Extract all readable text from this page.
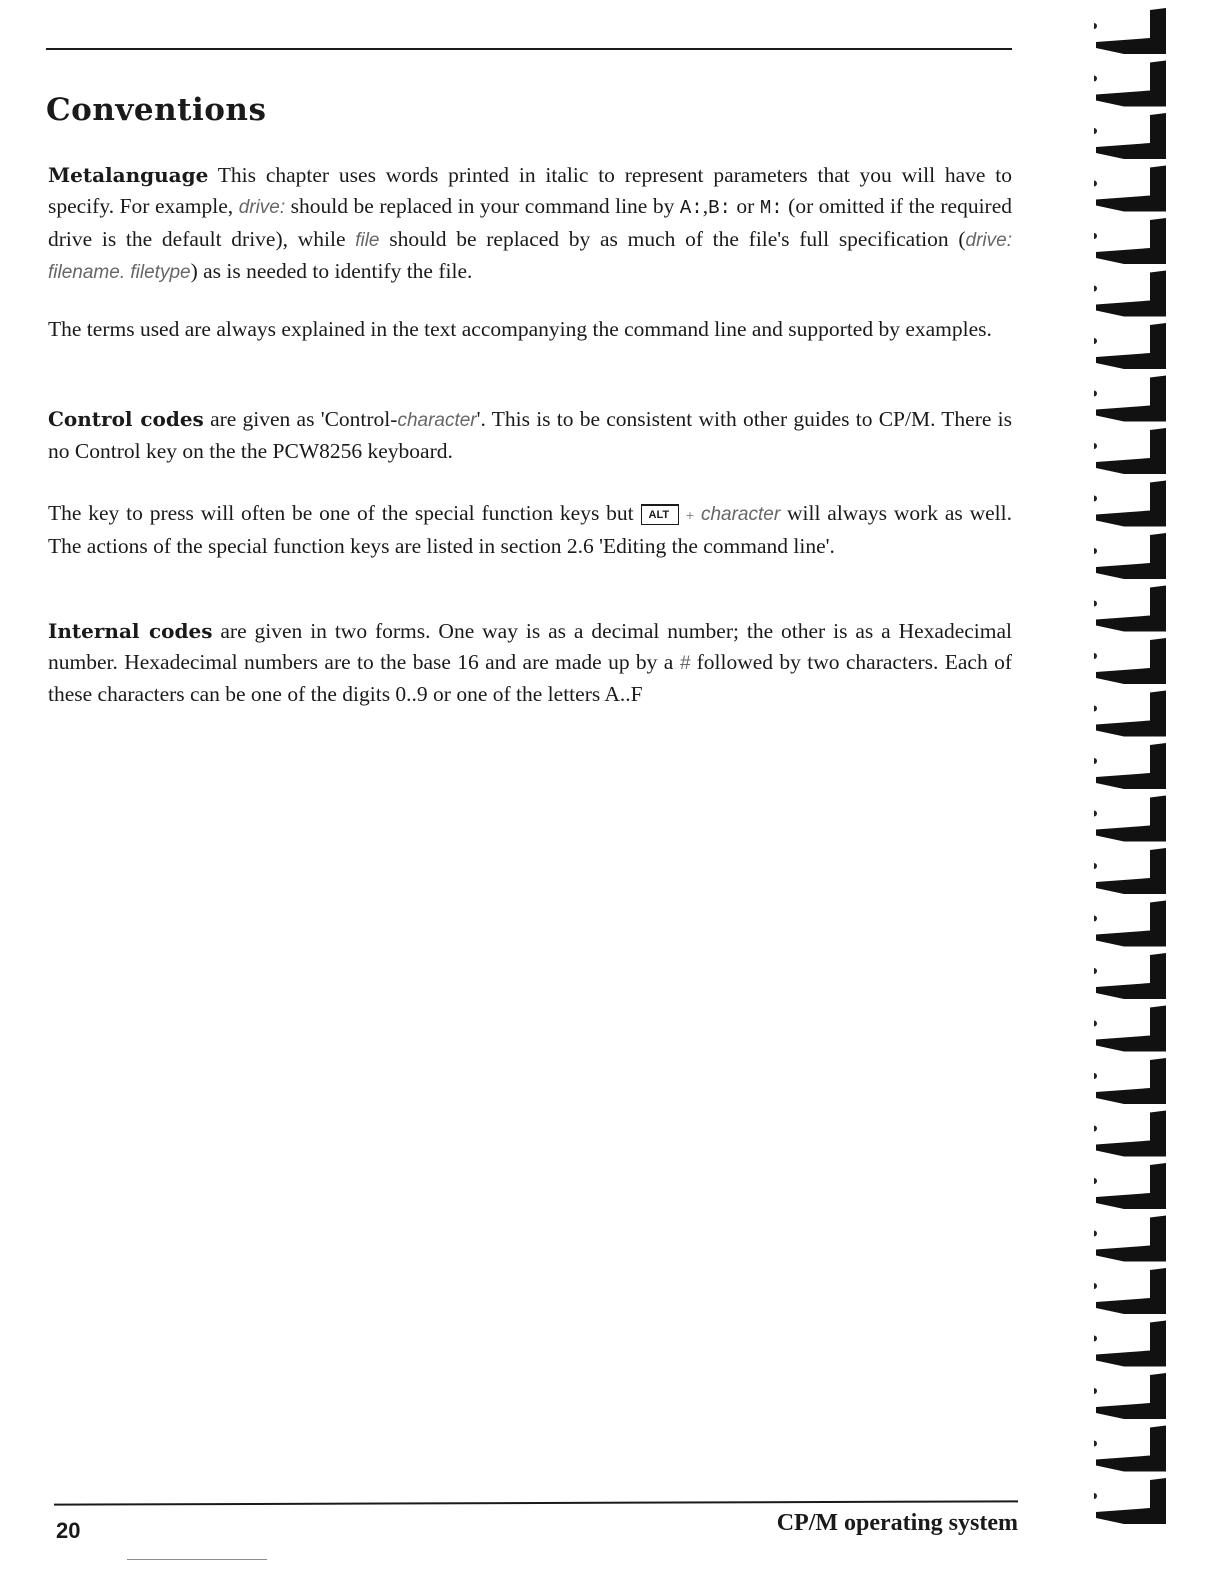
Conventions

Metalanguage This chapter uses words printed in italic to represent parameters that you will have to specify. For example, drive: should be replaced in your command line by A:,B: or M: (or omitted if the required drive is the default drive), while file should be replaced by as much of the file's full specification (drive: filename. filetype) as is needed to identify the file.

The terms used are always explained in the text accompanying the command line and supported by examples.

Control codes are given as 'Control-character'. This is to be consistent with other guides to CP/M. There is no Control key on the the PCW8256 keyboard.

The key to press will often be one of the special function keys but ALT + character will always work as well. The actions of the special function keys are listed in section 2.6 'Editing the command line'.

Internal codes are given in two forms. One way is as a decimal number; the other is as a Hexadecimal number. Hexadecimal numbers are to the base 16 and are made up by a # followed by two characters. Each of these characters can be one of the digits 0..9 or one of the letters A..F

20	CP/M operating system
